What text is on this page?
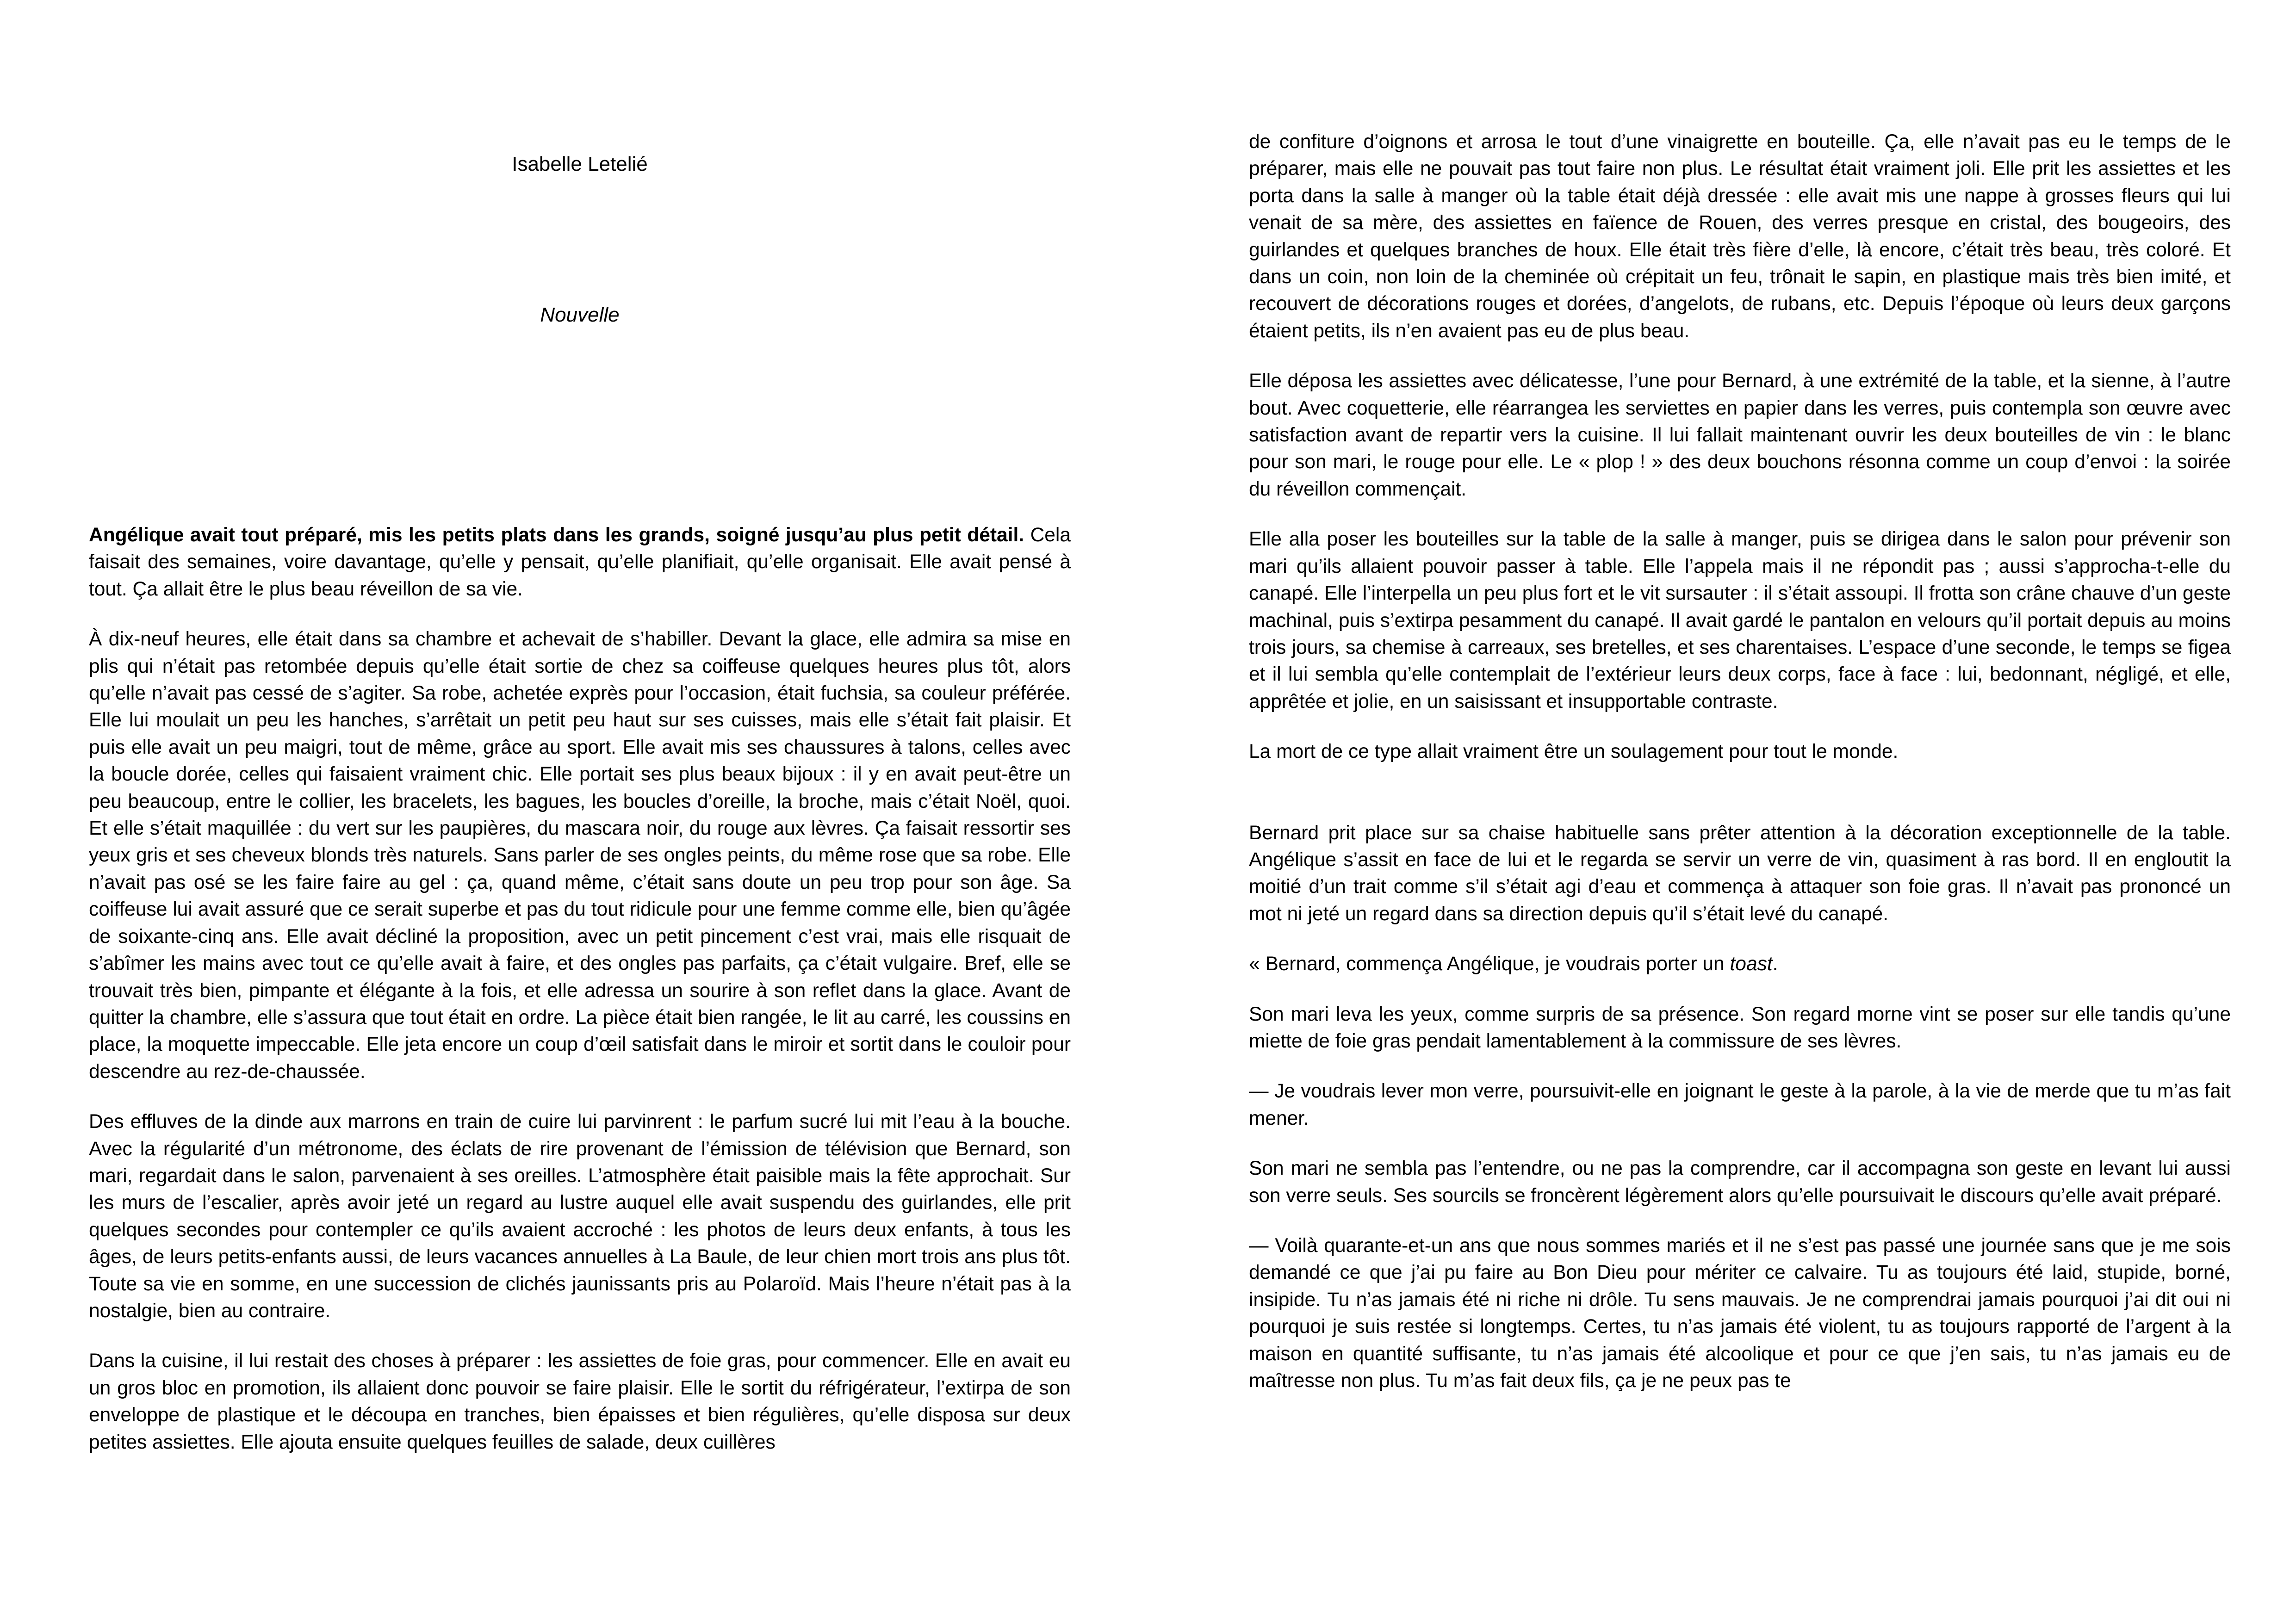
Isabelle Letelié

Nouvelle

Angélique avait tout préparé, mis les petits plats dans les grands, soigné jusqu’au plus petit détail. Cela faisait des semaines, voire davantage, qu’elle y pensait, qu’elle planifiait, qu’elle organisait. Elle avait pensé à tout. Ça allait être le plus beau réveillon de sa vie.

À dix-neuf heures, elle était dans sa chambre et achevait de s’habiller. Devant la glace, elle admira sa mise en plis qui n’était pas retombée depuis qu’elle était sortie de chez sa coiffeuse quelques heures plus tôt, alors qu’elle n’avait pas cessé de s’agiter. Sa robe, achetée exprès pour l’occasion, était fuchsia, sa couleur préférée. Elle lui moulait un peu les hanches, s’arrêtait un petit peu haut sur ses cuisses, mais elle s’était fait plaisir. Et puis elle avait un peu maigri, tout de même, grâce au sport. Elle avait mis ses chaussures à talons, celles avec la boucle dorée, celles qui faisaient vraiment chic. Elle portait ses plus beaux bijoux : il y en avait peut-être un peu beaucoup, entre le collier, les bracelets, les bagues, les boucles d’oreille, la broche, mais c’était Noël, quoi. Et elle s’était maquillée : du vert sur les paupières, du mascara noir, du rouge aux lèvres. Ça faisait ressortir ses yeux gris et ses cheveux blonds très naturels. Sans parler de ses ongles peints, du même rose que sa robe. Elle n’avait pas osé se les faire faire au gel : ça, quand même, c’était sans doute un peu trop pour son âge. Sa coiffeuse lui avait assuré que ce serait superbe et pas du tout ridicule pour une femme comme elle, bien qu’âgée de soixante-cinq ans. Elle avait décliné la proposition, avec un petit pincement c’est vrai, mais elle risquait de s’abîmer les mains avec tout ce qu’elle avait à faire, et des ongles pas parfaits, ça c’était vulgaire. Bref, elle se trouvait très bien, pimpante et élégante à la fois, et elle adressa un sourire à son reflet dans la glace. Avant de quitter la chambre, elle s’assura que tout était en ordre. La pièce était bien rangée, le lit au carré, les coussins en place, la moquette impeccable. Elle jeta encore un coup d’œil satisfait dans le miroir et sortit dans le couloir pour descendre au rez-de-chaussée.

Des effluves de la dinde aux marrons en train de cuire lui parvinrent : le parfum sucré lui mit l’eau à la bouche. Avec la régularité d’un métronome, des éclats de rire provenant de l’émission de télévision que Bernard, son mari, regardait dans le salon, parvenaient à ses oreilles. L’atmosphère était paisible mais la fête approchait. Sur les murs de l’escalier, après avoir jeté un regard au lustre auquel elle avait suspendu des guirlandes, elle prit quelques secondes pour contempler ce qu’ils avaient accroché : les photos de leurs deux enfants, à tous les âges, de leurs petits-enfants aussi, de leurs vacances annuelles à La Baule, de leur chien mort trois ans plus tôt. Toute sa vie en somme, en une succession de clichés jaunissants pris au Polaroïd. Mais l’heure n’était pas à la nostalgie, bien au contraire.

Dans la cuisine, il lui restait des choses à préparer : les assiettes de foie gras, pour commencer. Elle en avait eu un gros bloc en promotion, ils allaient donc pouvoir se faire plaisir. Elle le sortit du réfrigérateur, l’extirpa de son enveloppe de plastique et le découpa en tranches, bien épaisses et bien régulières, qu’elle disposa sur deux petites assiettes. Elle ajouta ensuite quelques feuilles de salade, deux cuillères

de confiture d’oignons et arrosa le tout d’une vinaigrette en bouteille. Ça, elle n’avait pas eu le temps de le préparer, mais elle ne pouvait pas tout faire non plus. Le résultat était vraiment joli. Elle prit les assiettes et les porta dans la salle à manger où la table était déjà dressée : elle avait mis une nappe à grosses fleurs qui lui venait de sa mère, des assiettes en faïence de Rouen, des verres presque en cristal, des bougeoirs, des guirlandes et quelques branches de houx. Elle était très fière d’elle, là encore, c’était très beau, très coloré. Et dans un coin, non loin de la cheminée où crépitait un feu, trônait le sapin, en plastique mais très bien imité, et recouvert de décorations rouges et dorées, d’angelots, de rubans, etc. Depuis l’époque où leurs deux garçons étaient petits, ils n’en avaient pas eu de plus beau.

Elle déposa les assiettes avec délicatesse, l’une pour Bernard, à une extrémité de la table, et la sienne, à l’autre bout. Avec coquetterie, elle réarrangea les serviettes en papier dans les verres, puis contempla son œuvre avec satisfaction avant de repartir vers la cuisine. Il lui fallait maintenant ouvrir les deux bouteilles de vin : le blanc pour son mari, le rouge pour elle. Le « plop ! » des deux bouchons résonna comme un coup d’envoi : la soirée du réveillon commençait.

Elle alla poser les bouteilles sur la table de la salle à manger, puis se dirigea dans le salon pour prévenir son mari qu’ils allaient pouvoir passer à table. Elle l’appela mais il ne répondit pas ; aussi s’approcha-t-elle du canapé. Elle l’interpella un peu plus fort et le vit sursauter : il s’était assoupi. Il frotta son crâne chauve d’un geste machinal, puis s’extirpa pesamment du canapé. Il avait gardé le pantalon en velours qu’il portait depuis au moins trois jours, sa chemise à carreaux, ses bretelles, et ses charentaises. L’espace d’une seconde, le temps se figea et il lui sembla qu’elle contemplait de l’extérieur leurs deux corps, face à face : lui, bedonnant, négligé, et elle, apprêtée et jolie, en un saisissant et insupportable contraste.

La mort de ce type allait vraiment être un soulagement pour tout le monde.

Bernard prit place sur sa chaise habituelle sans prêter attention à la décoration exceptionnelle de la table. Angélique s’assit en face de lui et le regarda se servir un verre de vin, quasiment à ras bord. Il en engloutit la moitié d’un trait comme s’il s’était agi d’eau et commença à attaquer son foie gras. Il n’avait pas prononcé un mot ni jeté un regard dans sa direction depuis qu’il s’était levé du canapé.

« Bernard, commença Angélique, je voudrais porter un toast.

Son mari leva les yeux, comme surpris de sa présence. Son regard morne vint se poser sur elle tandis qu’une miette de foie gras pendait lamentablement à la commissure de ses lèvres.

— Je voudrais lever mon verre, poursuivit-elle en joignant le geste à la parole, à la vie de merde que tu m’as fait mener.

Son mari ne sembla pas l’entendre, ou ne pas la comprendre, car il accompagna son geste en levant lui aussi son verre seuls. Ses sourcils se froncèrent légèrement alors qu’elle poursuivait le discours qu’elle avait préparé.

— Voilà quarante-et-un ans que nous sommes mariés et il ne s’est pas passé une journée sans que je me sois demandé ce que j’ai pu faire au Bon Dieu pour mériter ce calvaire. Tu as toujours été laid, stupide, borné, insipide. Tu n’as jamais été ni riche ni drôle. Tu sens mauvais. Je ne comprendrai jamais pourquoi j’ai dit oui ni pourquoi je suis restée si longtemps. Certes, tu n’as jamais été violent, tu as toujours rapporté de l’argent à la maison en quantité suffisante, tu n’as jamais été alcoolique et pour ce que j’en sais, tu n’as jamais eu de maîtresse non plus. Tu m’as fait deux fils, ça je ne peux pas te
